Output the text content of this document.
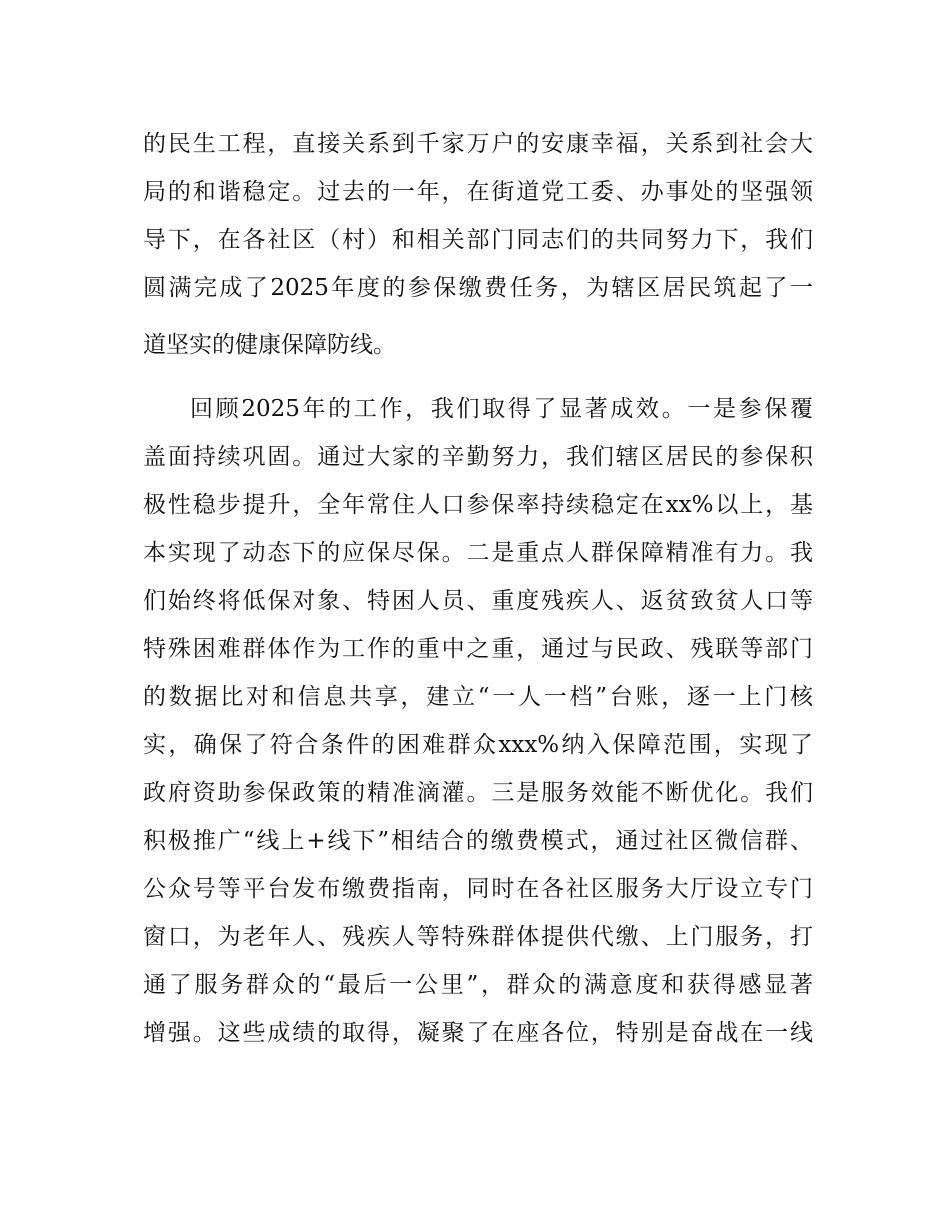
的民生工程，直接关系到千家万户的安康幸福，关系到社会大
局的和谐稳定。过去的一年，在街道党工委、办事处的坚强领
导下，在各社区（村）和相关部门同志们的共同努力下，我们
圆满完成了2025年度的参保缴费任务，为辖区居民筑起了一
道坚实的健康保障防线。
回顾2025年的工作，我们取得了显著成效。一是参保覆
盖面持续巩固。通过大家的辛勤努力，我们辖区居民的参保积
极性稳步提升，全年常住人口参保率持续稳定在xx%以上，基
本实现了动态下的应保尽保。二是重点人群保障精准有力。我
们始终将低保对象、特困人员、重度残疾人、返贫致贫人口等
特殊困难群体作为工作的重中之重，通过与民政、残联等部门
的数据比对和信息共享，建立“一人一档”台账，逐一上门核
实，确保了符合条件的困难群众xxx%纳入保障范围，实现了
政府资助参保政策的精准滴灌。三是服务效能不断优化。我们
积极推广“线上+线下”相结合的缴费模式，通过社区微信群、
公众号等平台发布缴费指南，同时在各社区服务大厅设立专门
窗口，为老年人、残疾人等特殊群体提供代缴、上门服务，打
通了服务群众的“最后一公里”，群众的满意度和获得感显著
增强。这些成绩的取得，凝聚了在座各位，特别是奋战在一线
